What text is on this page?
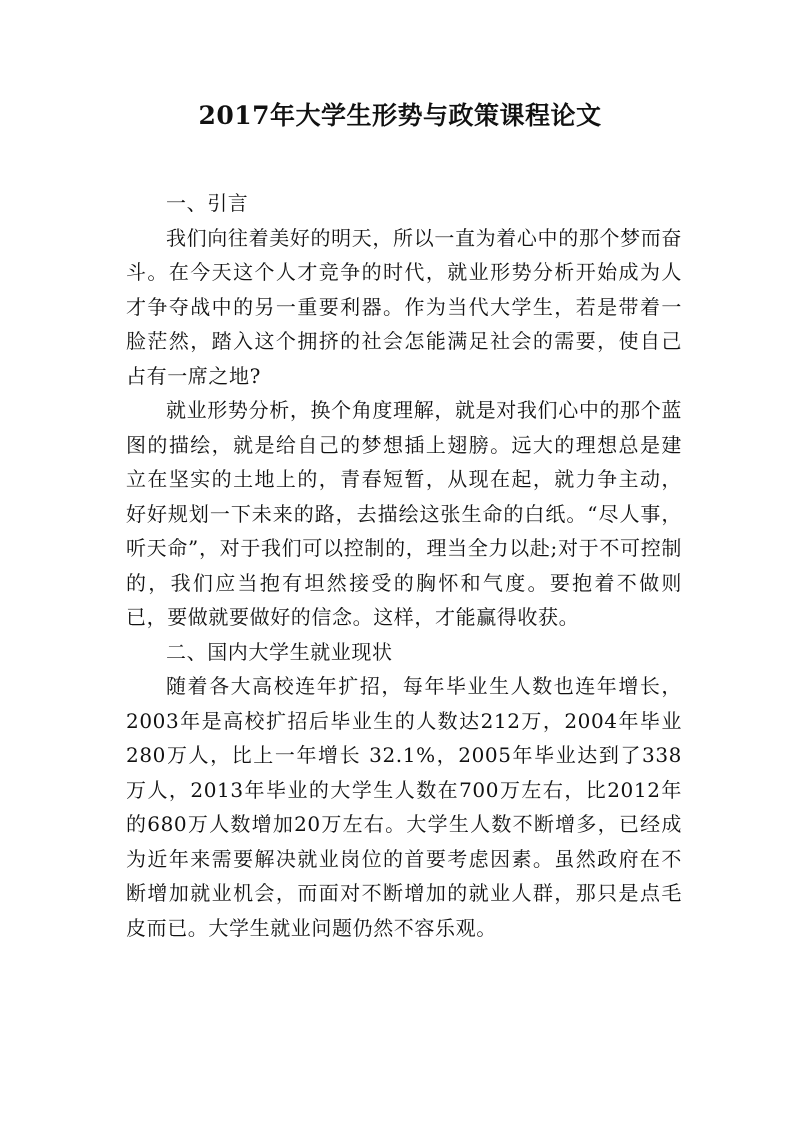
2017年大学生形势与政策课程论文

一、引言

我们向往着美好的明天，所以一直为着心中的那个梦而奋斗。在今天这个人才竞争的时代，就业形势分析开始成为人才争夺战中的另一重要利器。作为当代大学生，若是带着一脸茫然，踏入这个拥挤的社会怎能满足社会的需要，使自己占有一席之地?

就业形势分析，换个角度理解，就是对我们心中的那个蓝图的描绘，就是给自己的梦想插上翅膀。远大的理想总是建立在坚实的土地上的，青春短暂，从现在起，就力争主动，好好规划一下未来的路，去描绘这张生命的白纸。“尽人事，听天命”，对于我们可以控制的，理当全力以赴;对于不可控制的，我们应当抱有坦然接受的胸怀和气度。要抱着不做则已，要做就要做好的信念。这样，才能赢得收获。

二、国内大学生就业现状

随着各大高校连年扩招，每年毕业生人数也连年增长，2003年是高校扩招后毕业生的人数达212万，2004年毕业280万人，比上一年增长 32.1%，2005年毕业达到了338万人，2013年毕业的大学生人数在700万左右，比2012年的680万人数增加20万左右。大学生人数不断增多，已经成为近年来需要解决就业岗位的首要考虑因素。虽然政府在不断增加就业机会，而面对不断增加的就业人群，那只是点毛皮而已。大学生就业问题仍然不容乐观。
